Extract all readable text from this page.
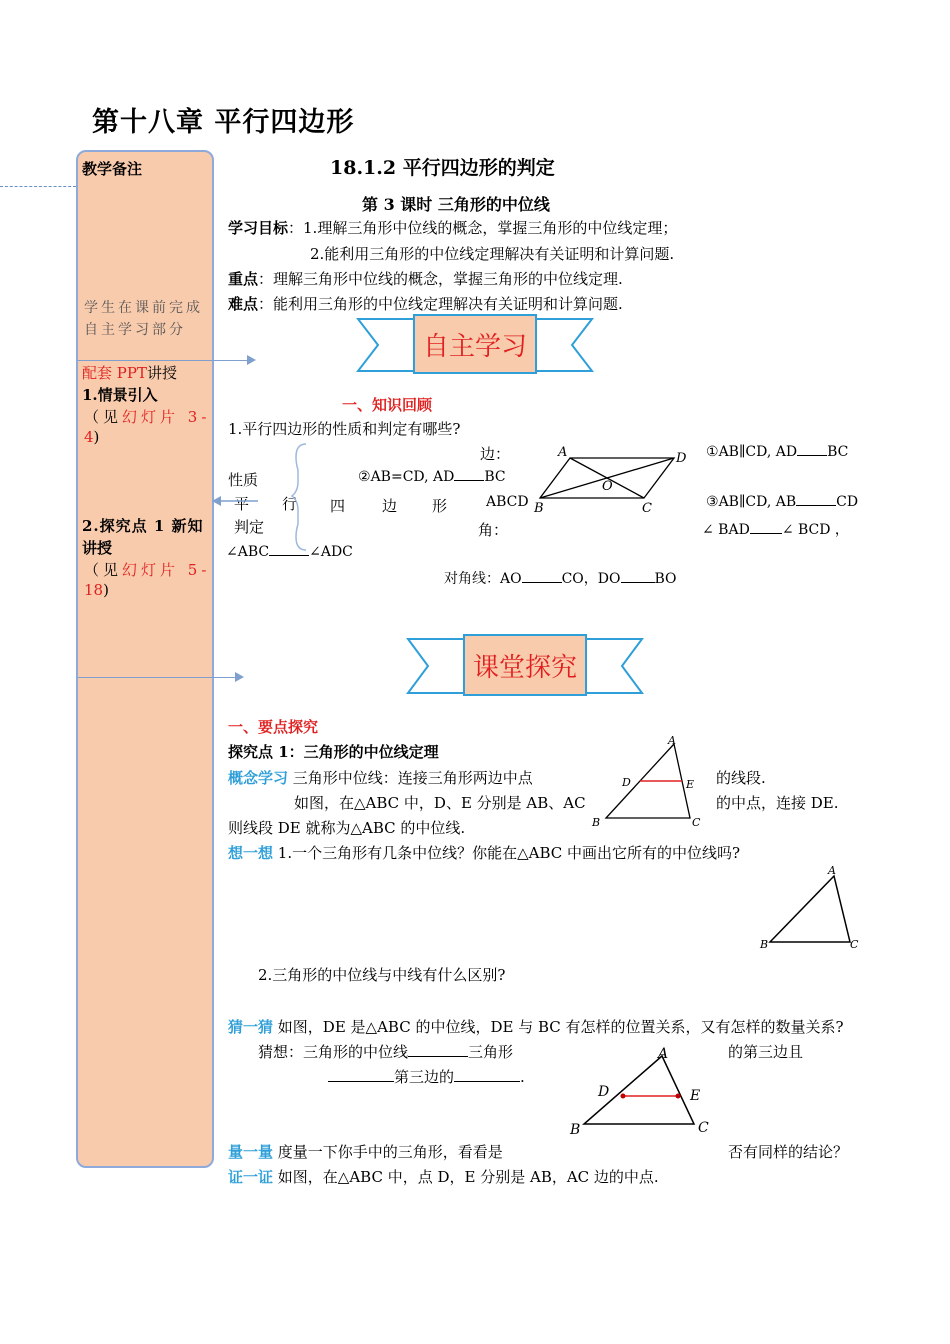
第十八章 平行四边形
教学备注
学生在课前完成
自主学习部分
配套 PPT讲授
1.情景引入
（见幻灯片 3-
4)
2.探究点 1 新知
讲授
（见幻灯片 5-
18)
18.1.2 平行四边形的判定
第 3 课时 三角形的中位线
学习目标：1.理解三角形中位线的概念，掌握三角形的中位线定理；
2.能利用三角形的中位线定理解决有关证明和计算问题.
重点：理解三角形中位线的概念，掌握三角形的中位线定理.
难点：能利用三角形的中位线定理解决有关证明和计算问题.
自主学习
一、知识回顾
1.平行四边形的性质和判定有哪些?
边：
性质
平 行 四 边 形
判定	角：
②AB=CD, AD BC
ABCD
∠ABC	∠ADC
A	D
B	C
O
①AB∥CD, AD BC
③AB∥CD, AB	CD
∠ BAD ∠ BCD ，
对角线：AO	CO，DO BO
课堂探究
一、要点探究
探究点 1：三角形的中位线定理
概念学习 三角形中位线：连接三角形两边中点	的线段.
如图，在△ABC 中，D、E 分别是 AB、AC	的中点，连接 DE.
则线段 DE 就称为△ABC 的中位线.
A
D	E
B	C
想一想 1.一个三角形有几条中位线？你能在△ABC 中画出它所有的中位线吗?
A
B	C
2.三角形的中位线与中线有什么区别?
猜一猜 如图，DE 是△ABC 的中位线，DE 与 BC 有怎样的位置关系，又有怎样的数量关系?
猜想：三角形的中位线	三角形	的第三边且
第三边的	.
A
D	E
B	C
量一量 度量一下你手中的三角形，看看是	否有同样的结论？
证一证 如图，在△ABC 中，点 D，E 分别是 AB，AC 边的中点.
